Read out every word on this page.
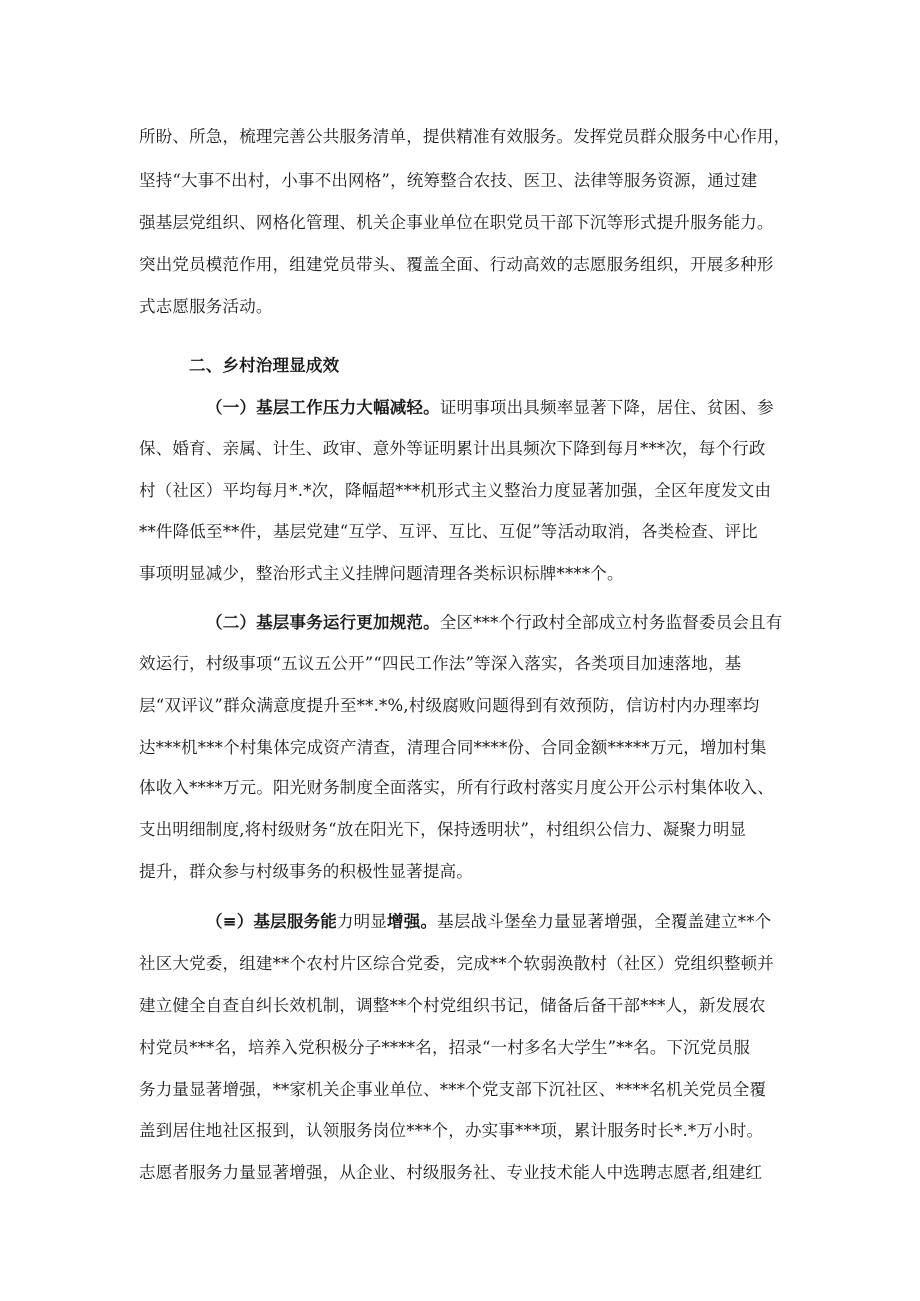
所盼、所急，梳理完善公共服务清单，提供精准有效服务。发挥党员群众服务中心作用，
坚持“大事不出村，小事不出网格”，统筹整合农技、医卫、法律等服务资源，通过建
强基层党组织、网格化管理、机关企事业单位在职党员干部下沉等形式提升服务能力。
突出党员模范作用，组建党员带头、覆盖全面、行动高效的志愿服务组织，开展多种形
式志愿服务活动。
二、乡村治理显成效
（一）基层工作压力大幅减轻。证明事项出具频率显著下降，居住、贫困、参
保、婚育、亲属、计生、政审、意外等证明累计出具频次下降到每月***次，每个行政
村（社区）平均每月*.*次，降幅超***机形式主义整治力度显著加强，全区年度发文由
**件降低至**件，基层党建“互学、互评、互比、互促”等活动取消，各类检查、评比
事项明显减少，整治形式主义挂牌问题清理各类标识标牌****个。
（二）基层事务运行更加规范。全区***个行政村全部成立村务监督委员会且有
效运行，村级事项“五议五公开”“四民工作法”等深入落实，各类项目加速落地，基
层“双评议”群众满意度提升至**.*%,村级腐败问题得到有效预防，信访村内办理率均
达***机***个村集体完成资产清查，清理合同****份、合同金额*****万元，增加村集
体收入****万元。阳光财务制度全面落实，所有行政村落实月度公开公示村集体收入、
支出明细制度,将村级财务“放在阳光下，保持透明状”，村组织公信力、凝聚力明显
提升，群众参与村级事务的积极性显著提高。
（≡）基层服务能力明显增强。基层战斗堡垒力量显著增强，全覆盖建立**个
社区大党委，组建**个农村片区综合党委，完成**个软弱涣散村（社区）党组织整顿并
建立健全自查自纠长效机制，调整**个村党组织书记，储备后备干部***人，新发展农
村党员***名，培养入党积极分子****名，招录“一村多名大学生”**名。下沉党员服
务力量显著增强，**家机关企事业单位、***个党支部下沉社区、****名机关党员全覆
盖到居住地社区报到，认领服务岗位***个，办实事***项，累计服务时长*.*万小时。
志愿者服务力量显著增强，从企业、村级服务社、专业技术能人中选聘志愿者,组建红
